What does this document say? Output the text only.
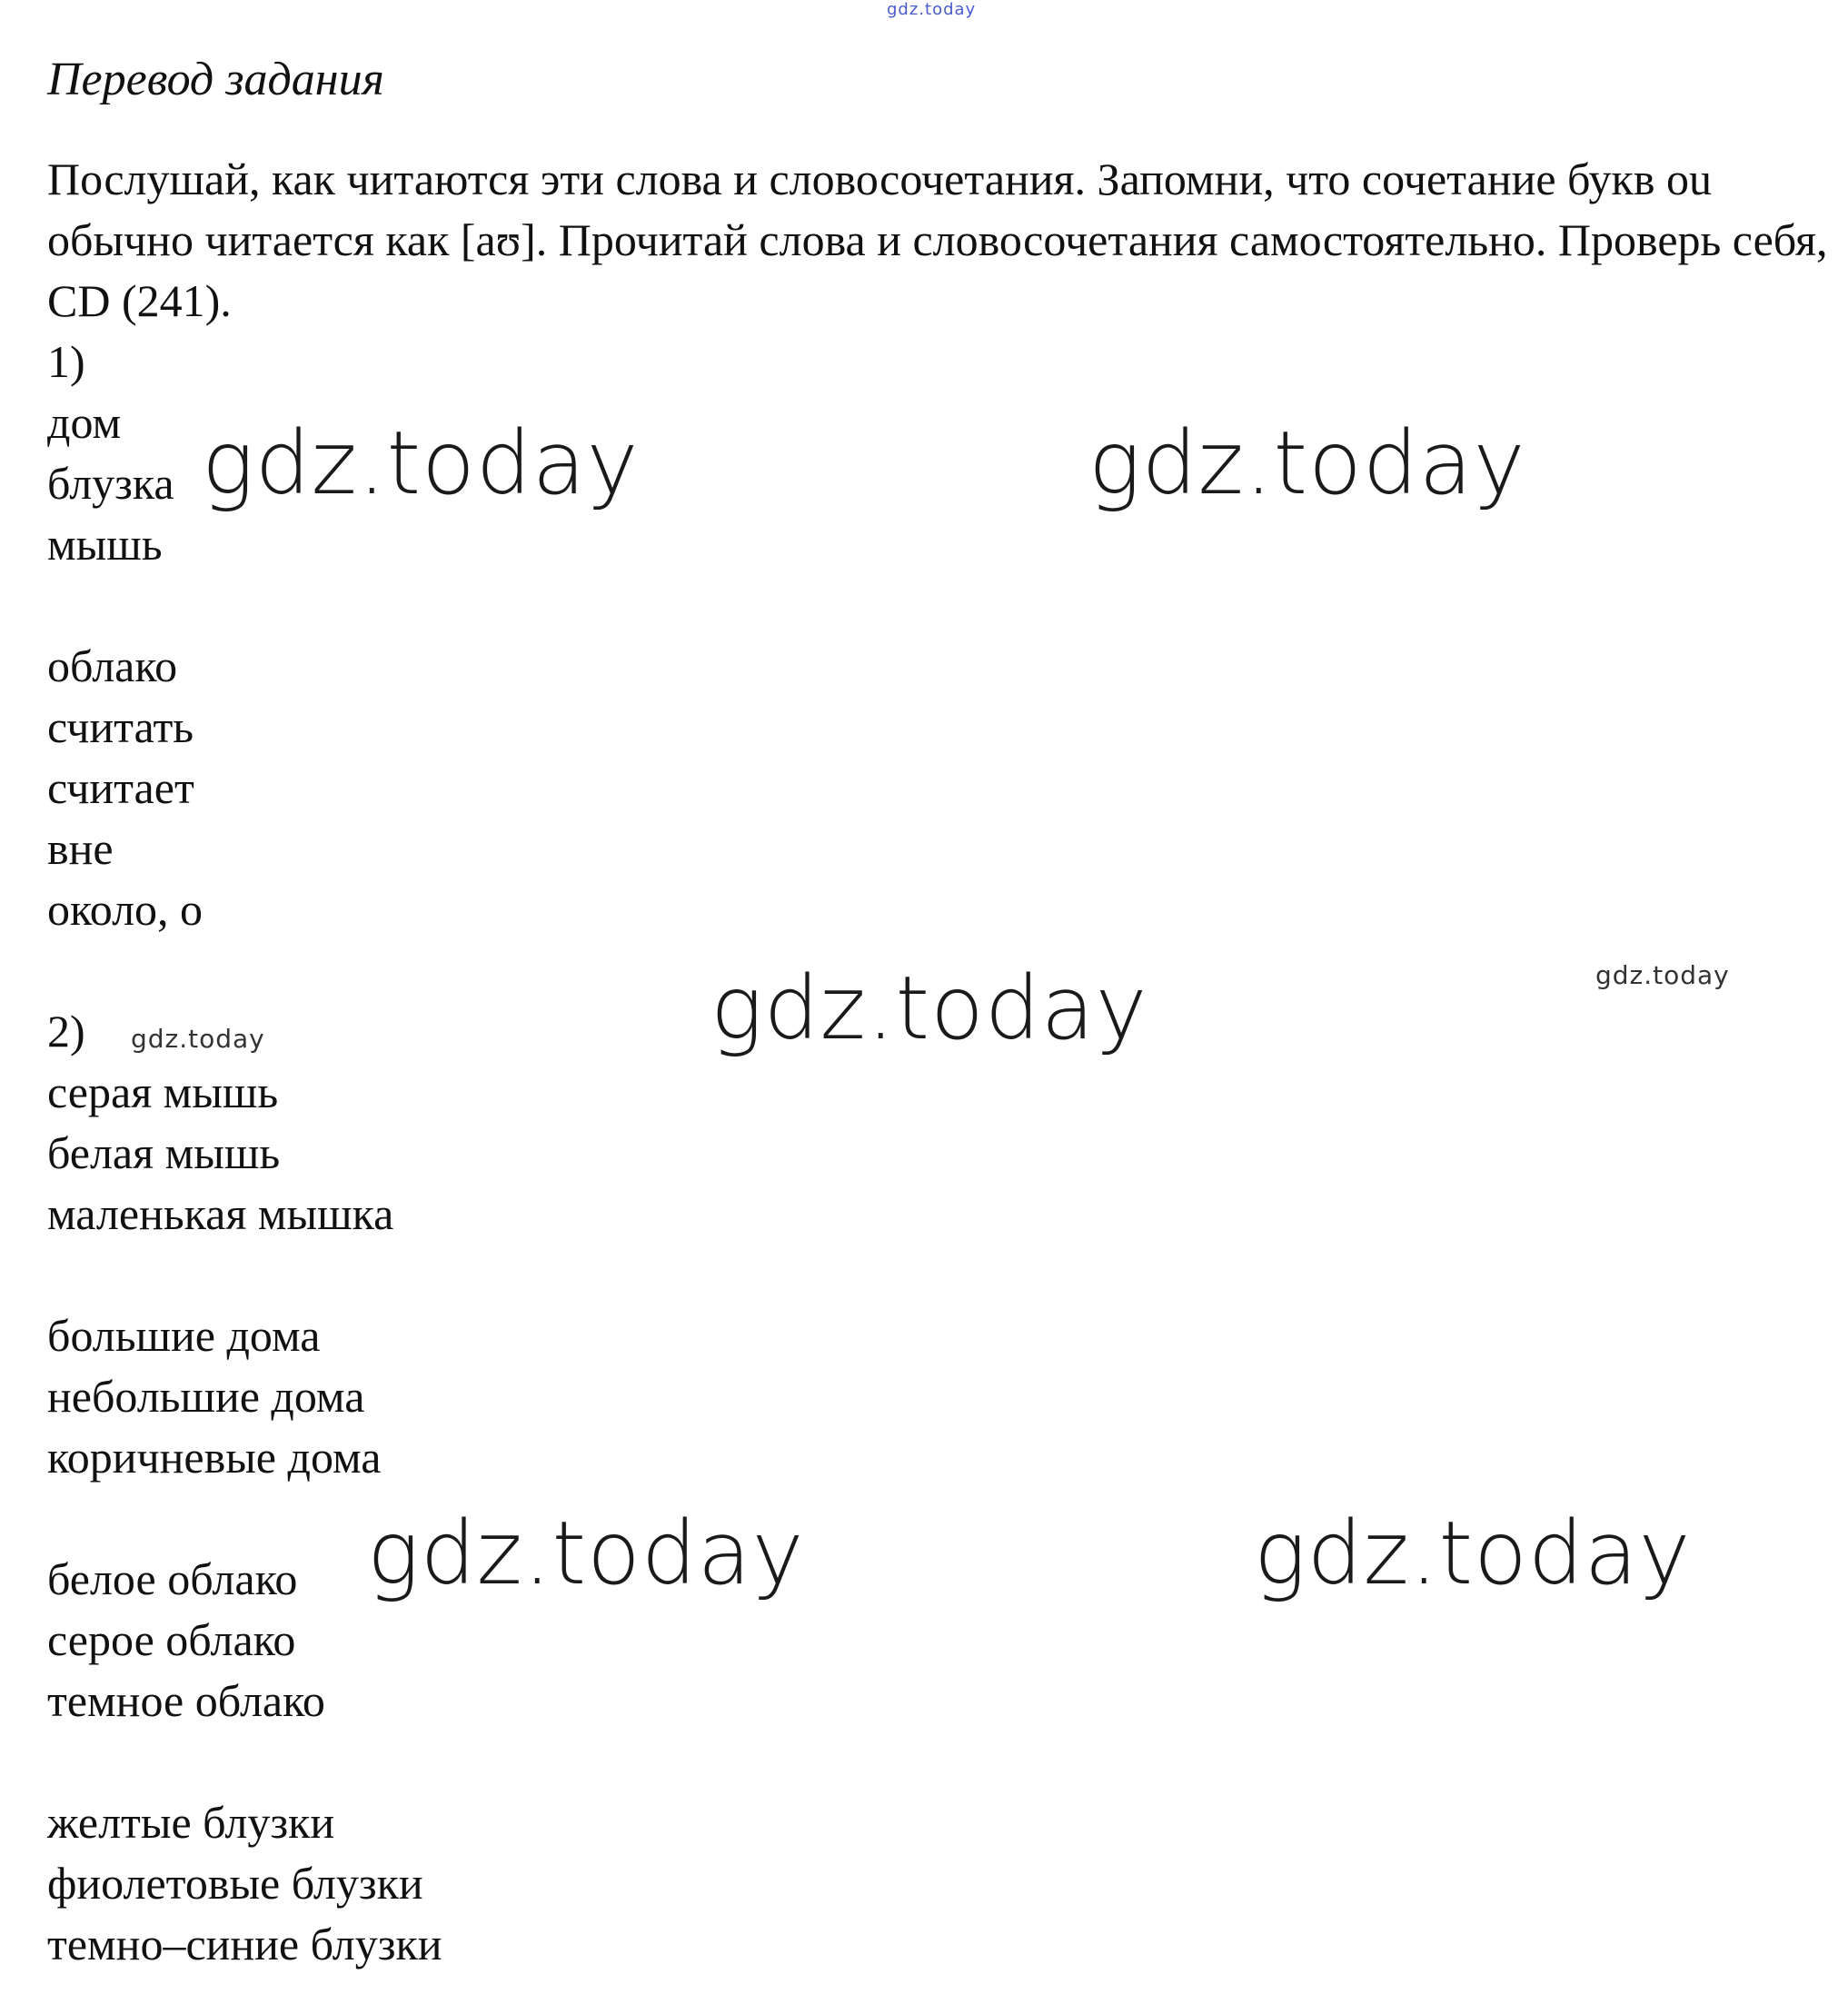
gdz.today
Перевод задания
Послушай, как читаются эти слова и словосочетания. Запомни, что сочетание букв ou обычно читается как [aʊ]. Прочитай слова и словосочетания самостоятельно. Проверь себя, CD (241).
1)
дом
блузка
мышь
облако
считать
считает
вне
около, о
2)
серая мышь
белая мышь
маленькая мышка
большие дома
небольшие дома
коричневые дома
белое облако
серое облако
темное облако
желтые блузки
фиолетовые блузки
темно–синие блузки
gdz.today	gdz.today
gdz.today
gdz.today	gdz.today
gdz.today
gdz.today
